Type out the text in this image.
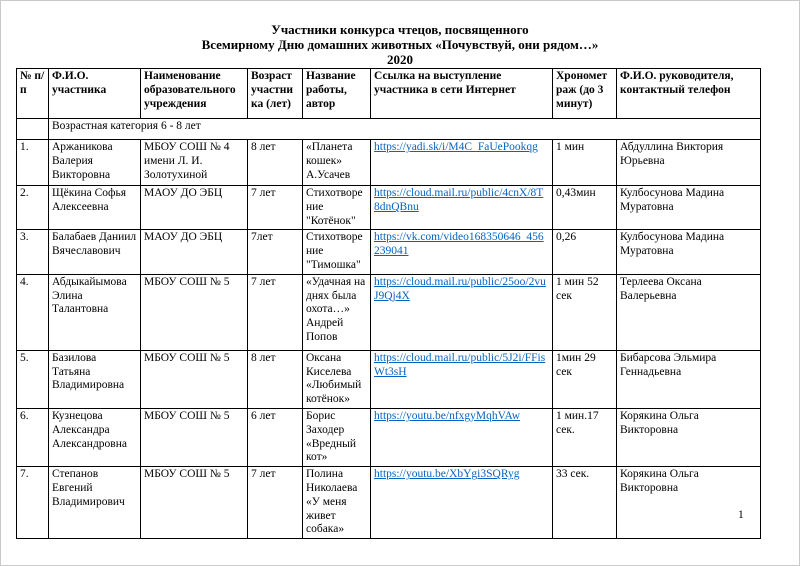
Участники конкурса чтецов, посвященного
Всемирному Дню домашних животных «Почувствуй, они рядом…»
2020
№ п/п	Ф.И.О. участника	Наименование образовательного учреждения	Возраст участника (лет)	Название работы, автор	Ссылка на выступление участника в сети Интернет	Хронометраж (до 3 минут)	Ф.И.О. руководителя, контактный телефон
	Возрастная категория 6 - 8 лет						
1.	Аржаникова Валерия Викторовна	МБОУ СОШ № 4 имени Л. И. Золотухиной	8 лет	«Планета кошек» А.Усачев	https://yadi.sk/i/M4C_FaUePookqg	1 мин	Абдуллина Виктория Юрьевна
2.	Щёкина Софья Алексеевна	МАОУ ДО ЭБЦ	7 лет	Стихотворение "Котёнок"	https://cloud.mail.ru/public/4cnX/8T8dnQBnu	0,43мин	Кулбосунова Мадина Муратовна
3.	Балабаев Даниил Вячеславович	МАОУ ДО ЭБЦ	7лет	Стихотворение "Тимошка"	https://vk.com/video168350646_456239041	0,26	Кулбосунова Мадина Муратовна
4.	Абдыкайымова Элина Талантовна	МБОУ СОШ № 5	7 лет	«Удачная на днях была охота…» Андрей Попов	https://cloud.mail.ru/public/25oo/2vuJ9Qj4X	1 мин 52 сек	Терлеева Оксана Валерьевна
5.	Базилова Татьяна Владимировна	МБОУ СОШ № 5	8 лет	Оксана Киселева «Любимый котёнок»	https://cloud.mail.ru/public/5J2i/FFisWt3sH	1мин 29 сек	Бибарсова Эльмира Геннадьевна
6.	Кузнецова Александра Александровна	МБОУ СОШ № 5	6 лет	Борис Заходер «Вредный кот»	https://youtu.be/nfxgyMqhVAw	1 мин.17 сек.	Корякина Ольга Викторовна
7.	Степанов Евгений Владимирович	МБОУ СОШ № 5	7 лет	Полина Николаева «У меня живет собака»	https://youtu.be/XbYgi3SQRyg	33 сек.	Корякина Ольга Викторовна
1
